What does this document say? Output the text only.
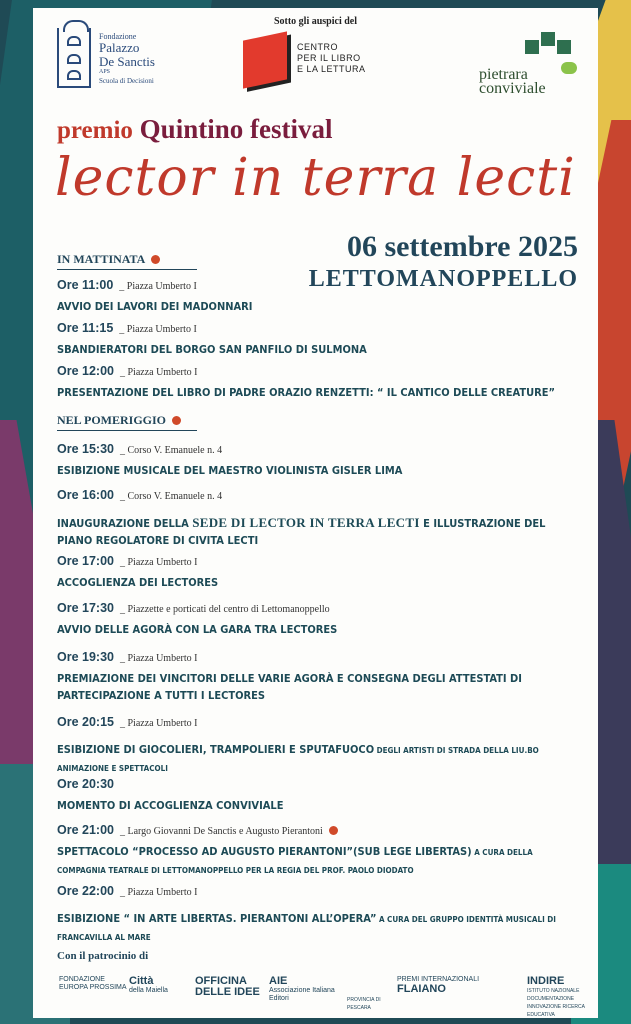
Sotto gli auspici del
Fondazione
Palazzo
De Sanctis
APS
Scuola di Decisioni
CENTRO
PER IL LIBRO
E LA LETTURA	pietrara
conviviale
premio Quintino festival
lector in terra lecti
06 settembre 2025
LETTOMANOPPELLO
IN MATTINATA
Ore 11:00 _ Piazza Umberto I
AVVIO DEI LAVORI DEI MADONNARI
Ore 11:15 _ Piazza Umberto I
SBANDIERATORI DEL BORGO SAN PANFILO DI SULMONA
Ore 12:00 _ Piazza Umberto I
PRESENTAZIONE DEL LIBRO DI PADRE ORAZIO RENZETTI: “ IL CANTICO DELLE CREATURE”
NEL POMERIGGIO
Ore 15:30 _ Corso V. Emanuele n. 4
ESIBIZIONE MUSICALE DEL MAESTRO VIOLINISTA GISLER LIMA
Ore 16:00 _ Corso V. Emanuele n. 4
INAUGURAZIONE DELLA SEDE DI LECTOR IN TERRA LECTI E ILLUSTRAZIONE DEL PIANO REGOLATORE DI CIVITA LECTI
Ore 17:00 _ Piazza Umberto I
ACCOGLIENZA DEI LECTORES
Ore 17:30 _ Piazzette e porticati del centro di Lettomanoppello
AVVIO DELLE AGORÀ CON LA GARA TRA LECTORES
Ore 19:30 _ Piazza Umberto I
PREMIAZIONE DEI VINCITORI DELLE VARIE AGORÀ E CONSEGNA DEGLI ATTESTATI DI PARTECIPAZIONE A TUTTI I LECTORES
Ore 20:15 _ Piazza Umberto I
ESIBIZIONE DI GIOCOLIERI, TRAMPOLIERI E SPUTAFUOCO DEGLI ARTISTI DI STRADA DELLA LIU.BO ANIMAZIONE E SPETTACOLI
Ore 20:30
MOMENTO DI ACCOGLIENZA CONVIVIALE
Ore 21:00 _ Largo Giovanni De Sanctis e Augusto Pierantoni
SPETTACOLO “PROCESSO AD AUGUSTO PIERANTONI”(SUB LEGE LIBERTAS) A CURA DELLA COMPAGNIA TEATRALE DI LETTOMANOPPELLO PER LA REGIA DEL PROF. PAOLO DIODATO
Ore 22:00 _ Piazza Umberto I
ESIBIZIONE “ IN ARTE LIBERTAS. PIERANTONI ALL’OPERA” A CURA DEL GRUPPO IDENTITÀ MUSICALI DI FRANCAVILLA AL MARE
Con il patrocinio di
FONDAZIONE
EUROPA PROSSIMA
Città
della Maiella
OFFICINA
DELLE IDEE
AIE
Associazione Italiana Editori	PROVINCIA DI PESCARA
PREMI INTERNAZIONALI
FLAIANO
INDIRE
ISTITUTO NAZIONALE DOCUMENTAZIONE INNOVAZIONE RICERCA EDUCATIVA
